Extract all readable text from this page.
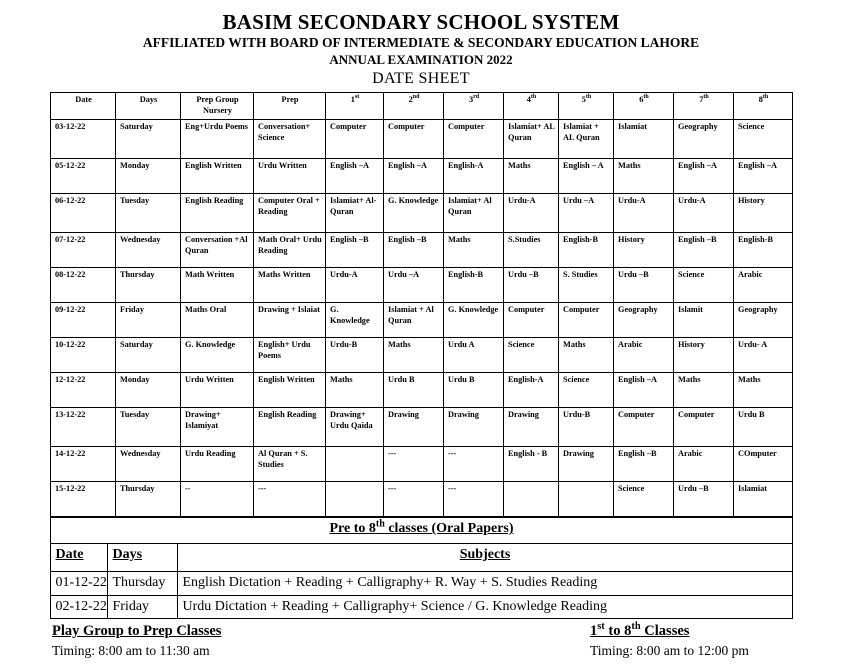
BASIM SECONDARY SCHOOL SYSTEM
AFFILIATED WITH BOARD OF INTERMEDIATE & SECONDARY EDUCATION LAHORE
ANNUAL EXAMINATION 2022
DATE SHEET
Date	Days	Prep Group Nursery	Prep	1st	2nd	3rd	4th	5th	6th	7th	8th
03-12-22	Saturday	Eng+Urdu Poems	Conversation+ Science	Computer	Computer	Computer	Islamiat+ AL Quran	Islamiat + AL Quran	Islamiat	Geography	Science
05-12-22	Monday	English Written	Urdu Written	English –A	English –A	English-A	Maths	English – A	Maths	English –A	English –A
06-12-22	Tuesday	English Reading	Computer Oral + Reading	Islamiat+ Al-Quran	G. Knowledge	Islamiat+ Al Quran	Urdu-A	Urdu –A	Urdu-A	Urdu-A	History
07-12-22	Wednesday	Conversation +Al Quran	Math Oral+ Urdu Reading	English –B	English –B	Maths	S.Studies	English-B	History	English –B	English-B
08-12-22	Thursday	Math Written	Maths Written	Urdu-A	Urdu –A	English-B	Urdu –B	S. Studies	Urdu –B	Science	Arabic
09-12-22	Friday	Maths Oral	Drawing + Islaiat	G. Knowledge	Islamiat + Al Quran	G. Knowledge	Computer	Computer	Geography	Islamit	Geography
10-12-22	Saturday	G. Knowledge	English+ Urdu Poems	Urdu-B	Maths	Urdu A	Science	Maths	Arabic	History	Urdu- A
12-12-22	Monday	Urdu Written	English Written	Maths	Urdu B	Urdu B	English-A	Science	English –A	Maths	Maths
13-12-22	Tuesday	Drawing+ Islamiyat	English Reading	Drawing+ Urdu Qaida	Drawing	Drawing	Drawing	Urdu-B	Computer	Computer	Urdu B
14-12-22	Wednesday	Urdu Reading	Al Quran + S. Studies		---	---	English - B	Drawing	English –B	Arabic	COmputer
15-12-22	Thursday	--	---		---	---			Science	Urdu –B	Islamiat
Pre to 8th classes (Oral Papers)		
Date	Days	Subjects
01-12-22	Thursday	English Dictation + Reading + Calligraphy+ R. Way + S. Studies Reading
02-12-22	Friday	Urdu Dictation + Reading + Calligraphy+ Science / G. Knowledge Reading
Play Group to Prep Classes
Timing: 8:00 am to 11:30 am
1st to 8th Classes
Timing: 8:00 am to 12:00 pm
